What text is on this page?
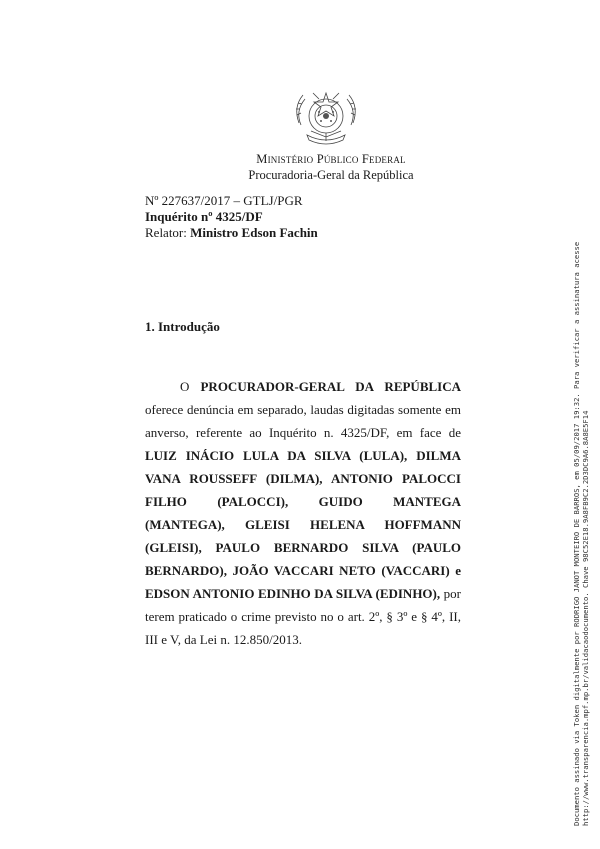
Ministério Público Federal
Procuradoria-Geral da República
Nº 227637/2017 – GTLJ/PGR
Inquérito nº 4325/DF
Relator: Ministro Edson Fachin
1. Introdução

O PROCURADOR-GERAL DA REPÚBLICA oferece denúncia em separado, laudas digitadas somente em anverso, referente ao Inquérito n. 4325/DF, em face de LUIZ INÁCIO LULA DA SILVA (LULA), DILMA VANA ROUSSEFF (DILMA), ANTONIO PALOCCI FILHO (PALOCCI), GUIDO MANTEGA (MANTEGA), GLEISI HELENA HOFFMANN (GLEISI), PAULO BERNARDO SILVA (PAULO BERNARDO), JOÃO VACCARI NETO (VACCARI) e EDSON ANTONIO EDINHO DA SILVA (EDINHO), por terem praticado o crime previsto no o art. 2º, § 3º e § 4º, II, III e V, da Lei n. 12.850/2013.	Documento assinado via Token digitalmente por RODRIGO JANOT MONTEIRO DE BARROS, em 05/09/2017 19:32. Para verificar a assinatura acesse http://www.transparencia.mpf.mp.br/validacaodocumento. Chave 98C52E18.9A8FB9C2.2D3DC9A6.8A8E5F14
